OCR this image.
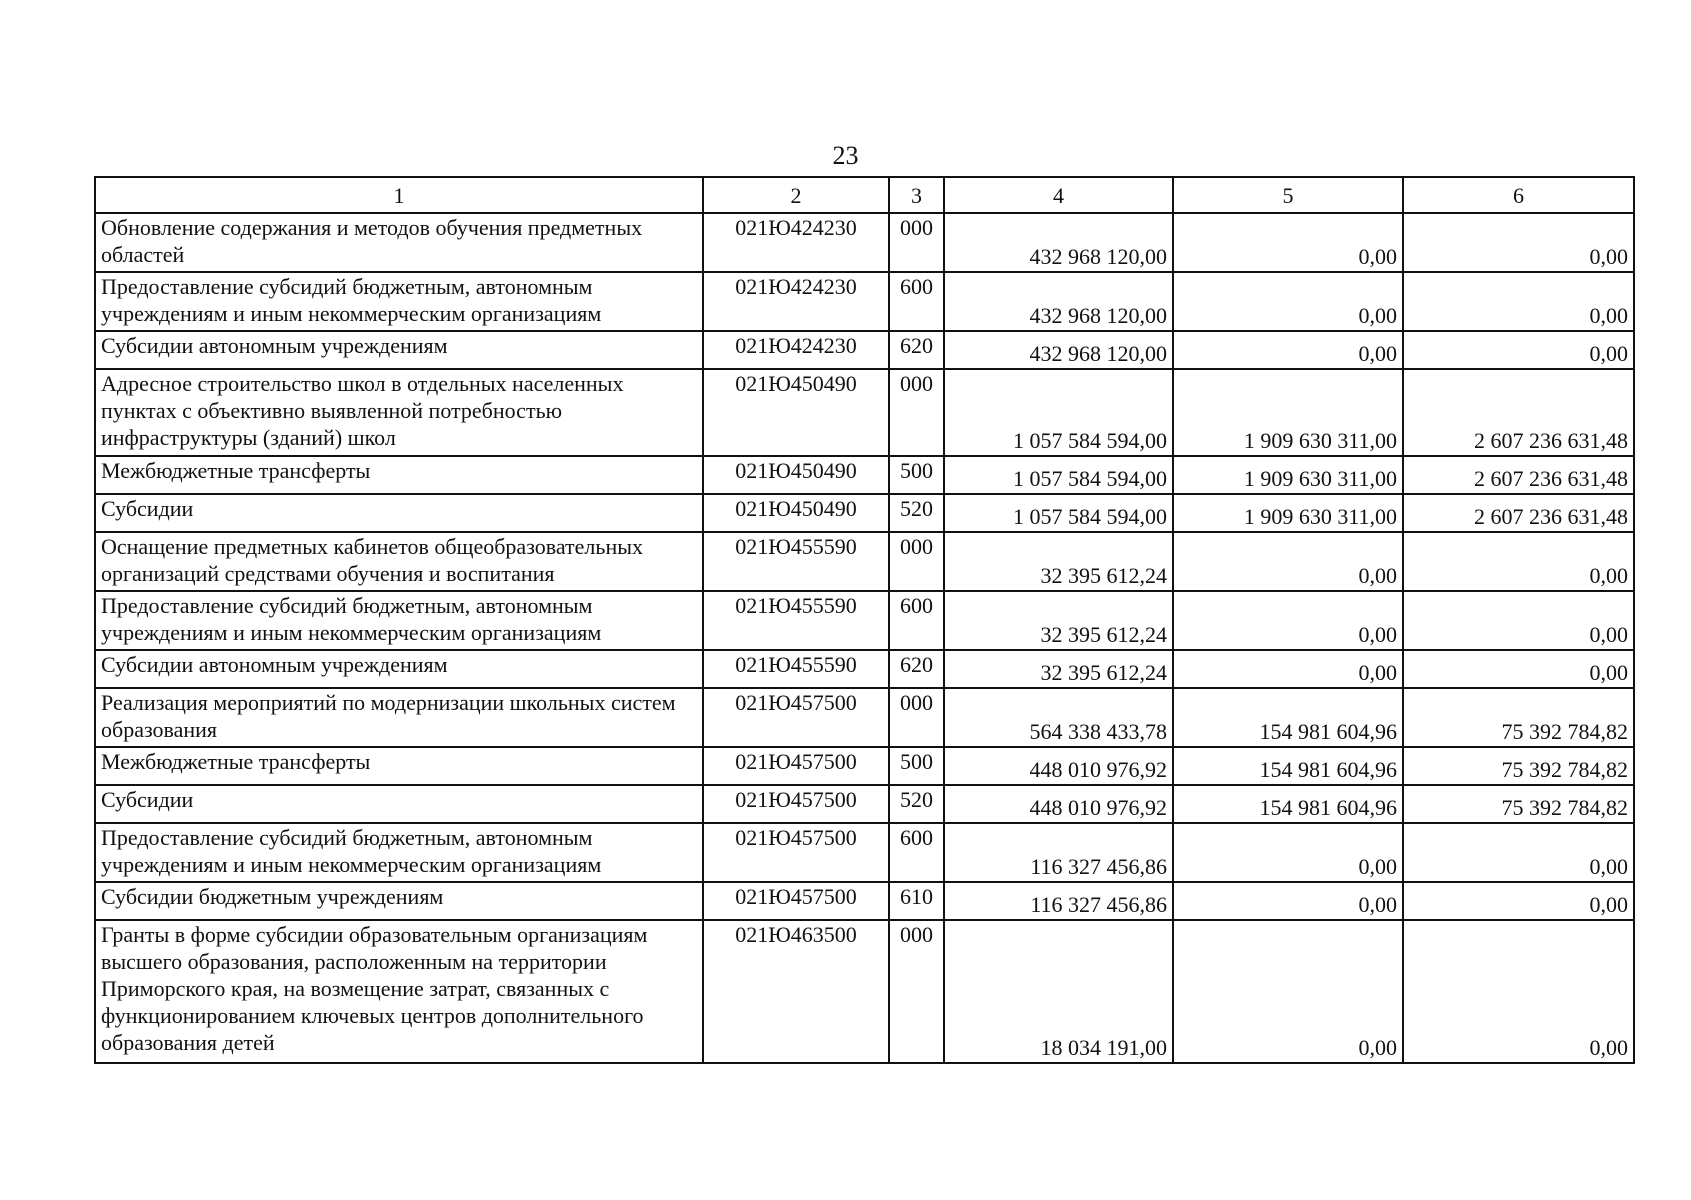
23
1	2	3	4	5	6
Обновление содержания и методов обучения предметных областей	021Ю424230	000	432 968 120,00	0,00	0,00
Предоставление субсидий бюджетным, автономным учреждениям и иным некоммерческим организациям	021Ю424230	600	432 968 120,00	0,00	0,00
Субсидии автономным учреждениям	021Ю424230	620	432 968 120,00	0,00	0,00
Адресное строительство школ в отдельных населенных пунктах с объективно выявленной потребностью инфраструктуры (зданий) школ	021Ю450490	000	1 057 584 594,00	1 909 630 311,00	2 607 236 631,48
Межбюджетные трансферты	021Ю450490	500	1 057 584 594,00	1 909 630 311,00	2 607 236 631,48
Субсидии	021Ю450490	520	1 057 584 594,00	1 909 630 311,00	2 607 236 631,48
Оснащение предметных кабинетов общеобразовательных организаций средствами обучения и воспитания	021Ю455590	000	32 395 612,24	0,00	0,00
Предоставление субсидий бюджетным, автономным учреждениям и иным некоммерческим организациям	021Ю455590	600	32 395 612,24	0,00	0,00
Субсидии автономным учреждениям	021Ю455590	620	32 395 612,24	0,00	0,00
Реализация мероприятий по модернизации школьных систем образования	021Ю457500	000	564 338 433,78	154 981 604,96	75 392 784,82
Межбюджетные трансферты	021Ю457500	500	448 010 976,92	154 981 604,96	75 392 784,82
Субсидии	021Ю457500	520	448 010 976,92	154 981 604,96	75 392 784,82
Предоставление субсидий бюджетным, автономным учреждениям и иным некоммерческим организациям	021Ю457500	600	116 327 456,86	0,00	0,00
Субсидии бюджетным учреждениям	021Ю457500	610	116 327 456,86	0,00	0,00
Гранты в форме субсидии образовательным организациям высшего образования, расположенным на территории Приморского края, на возмещение затрат, связанных с функционированием ключевых центров дополнительного образования детей	021Ю463500	000	18 034 191,00	0,00	0,00
